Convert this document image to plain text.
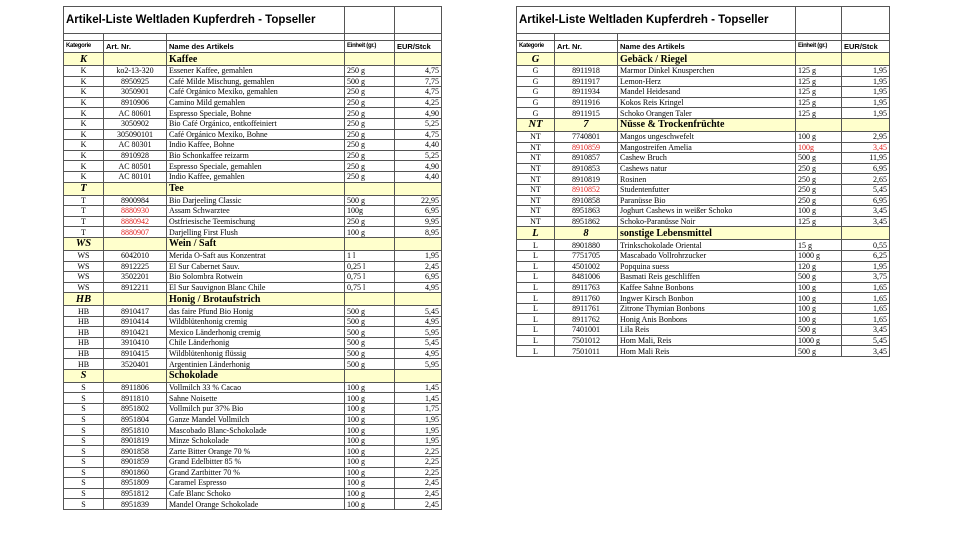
Artikel-Liste Weltladen Kupferdreh - Topseller				

Kategorie	Art. Nr.	Name des Artikels	Einheit (gr.)	EUR/Stck
K		Kaffee		
K	ko2-13-320	Essener Kaffee, gemahlen	250 g	4,75
K	8950925	Café Milde Mischung, gemahlen	500 g	7,75
K	3050901	Café Orgánico Mexiko, gemahlen	250 g	4,75
K	8910906	Camino Mild gemahlen	250 g	4,25
K	AC 80601	Espresso Speciale, Bohne	250 g	4,90
K	3050902	Bio Café Orgánico, entkoffeiniert	250 g	5,25
K	305090101	Café Orgánico Mexiko, Bohne	250 g	4,75
K	AC 80301	Indio Kaffee, Bohne	250 g	4,40
K	8910928	Bio Schonkaffee reizarm	250 g	5,25
K	AC 80501	Espresso Speciale, gemahlen	250 g	4,90
K	AC 80101	Indio Kaffee, gemahlen	250 g	4,40
T		Tee		
T	8900984	Bio Darjeeling Classic	500 g	22,95
T	8880930	Assam Schwarztee	100g	6,95
T	8880942	Ostfriesische Teemischung	250 g	9,95
T	8880907	Darjelling First Flush	100 g	8,95
WS		Wein / Saft		
WS	6042010	Merida O-Saft aus Konzentrat	1 l	1,95
WS	8912225	El Sur Cabernet Sauv.	0,25 l	2,45
WS	3502201	Bio Solombra Rotwein	0,75 l	6,95
WS	8912211	El Sur Sauvignon Blanc Chile	0,75 l	4,95
HB		Honig / Brotaufstrich		
HB	8910417	das faire Pfund Bio Honig	500 g	5,45
HB	8910414	Wildblütenhonig cremig	500 g	4,95
HB	8910421	Mexico Länderhonig cremig	500 g	5,95
HB	3910410	Chile Länderhonig	500 g	5,45
HB	8910415	Wildblütenhonig flüssig	500 g	4,95
HB	3520401	Argentinien Länderhonig	500 g	5,95
S		Schokolade		
S	8911806	Vollmilch 33 % Cacao	100 g	1,45
S	8911810	Sahne Noisette	100 g	1,45
S	8951802	Vollmilch pur 37% Bio	100 g	1,75
S	8951804	Ganze Mandel Vollmilch	100 g	1,95
S	8951810	Mascobado Blanc-Schokolade	100 g	1,95
S	8901819	Minze Schokolade	100 g	1,95
S	8901858	Zarte Bitter Orange 70 %	100 g	2,25
S	8901859	Grand Edelbitter 85 %	100 g	2,25
S	8901860	Grand Zartbitter 70 %	100 g	2,25
S	8951809	Caramel Espresso	100 g	2,45
S	8951812	Cafe Blanc Schoko	100 g	2,45
S	8951839	Mandel Orange Schokolade	100 g	2,45
Artikel-Liste Weltladen Kupferdreh - Topseller				

Kategorie	Art. Nr.	Name des Artikels	Einheit (gr.)	EUR/Stck
G		Gebäck / Riegel		
G	8911918	Marmor Dinkel Knusperchen	125 g	1,95
G	8911917	Lemon-Herz	125 g	1,95
G	8911934	Mandel Heidesand	125 g	1,95
G	8911916	Kokos Reis Kringel	125 g	1,95
G	8911915	Schoko Orangen Taler	125 g	1,95
NT	7	Nüsse & Trockenfrüchte		
NT	7740801	Mangos ungeschwefelt	100 g	2,95
NT	8910859	Mangostreifen Amelia	100g	3,45
NT	8910857	Cashew Bruch	500 g	11,95
NT	8910853	Cashews natur	250 g	6,95
NT	8910819	Rosinen	250 g	2,65
NT	8910852	Studentenfutter	250 g	5,45
NT	8910858	Paranüsse Bio	250 g	6,95
NT	8951863	Joghurt Cashews in weißer Schoko	100 g	3,45
NT	8951862	Schoko-Paranüsse Noir	125 g	3,45
L	8	sonstige Lebensmittel		
L	8901880	Trinkschokolade Oriental	15 g	0,55
L	7751705	Mascabado Vollrohrzucker	1000 g	6,25
L	4501002	Popquina suess	120 g	1,95
L	8481006	Basmati Reis geschliffen	500 g	3,75
L	8911763	Kaffee Sahne Bonbons	100 g	1,65
L	8911760	Ingwer Kirsch Bonbon	100 g	1,65
L	8911761	Zitrone Thymian Bonbons	100 g	1,65
L	8911762	Honig Anis Bonbons	100 g	1,65
L	7401001	Lila Reis	500 g	3,45
L	7501012	Hom Mali, Reis	1000 g	5,45
L	7501011	Hom Mali Reis	500 g	3,45
